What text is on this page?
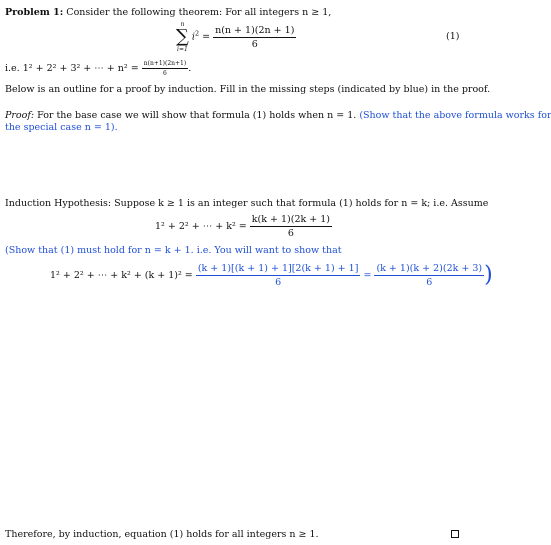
Problem 1: Consider the following theorem: For all integers n ≥ 1,
n
∑
i=1
$i^2 = \frac{n(n + 1)(2n + 1)}{6}$	(1)
i.e. 1² + 2² + 3² + ⋯ + $n^2 = \frac{n(n+1)(2n+1)}{6}$ .
Below is an outline for a proof by induction. Fill in the missing steps (indicated by blue) in the proof.
Proof: For the base case we will show that formula (1) holds when n = 1. (Show that the above formula works for
the special case n = 1).
Induction Hypothesis: Suppose k ≥ 1 is an integer such that formula (1) holds for n = k; i.e. Assume
1² + 2² + ⋯ + $k^2 = \frac{k(k + 1)(2k + 1)}{6}$
(Show that (1) must hold for n = k + 1. i.e. You will want to show that
1² + 2² + ⋯ + $k^2 + (k + 1)^2 = \frac{(k + 1)[(k + 1) + 1][2(k + 1) + 1]}{6} = \frac{(k + 1)(k + 2)(2k + 3)}{6}$ )
Therefore, by induction, equation (1) holds for all integers n ≥ 1.
